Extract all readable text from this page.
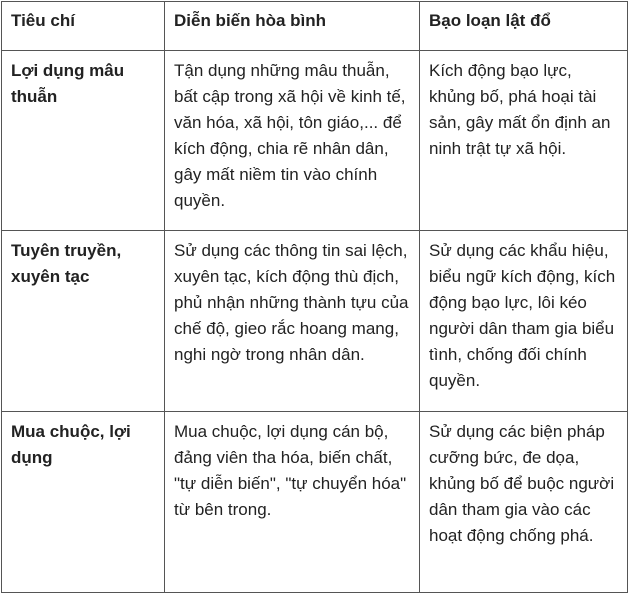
Tiêu chí	Diễn biến hòa bình	Bạo loạn lật đổ
Lợi dụng mâu thuẫn	Tận dụng những mâu thuẫn, bất cập trong xã hội về kinh tế, văn hóa, xã hội, tôn giáo,... để kích động, chia rẽ nhân dân, gây mất niềm tin vào chính quyền.	Kích động bạo lực, khủng bố, phá hoại tài sản, gây mất ổn định an ninh trật tự xã hội.
Tuyên truyền, xuyên tạc	Sử dụng các thông tin sai lệch, xuyên tạc, kích động thù địch, phủ nhận những thành tựu của chế độ, gieo rắc hoang mang, nghi ngờ trong nhân dân.	Sử dụng các khẩu hiệu, biểu ngữ kích động, kích động bạo lực, lôi kéo người dân tham gia biểu tình, chống đối chính quyền.
Mua chuộc, lợi dụng	Mua chuộc, lợi dụng cán bộ, đảng viên tha hóa, biến chất, "tự diễn biến", "tự chuyển hóa" từ bên trong.	Sử dụng các biện pháp cưỡng bức, đe dọa, khủng bố để buộc người dân tham gia vào các hoạt động chống phá.
